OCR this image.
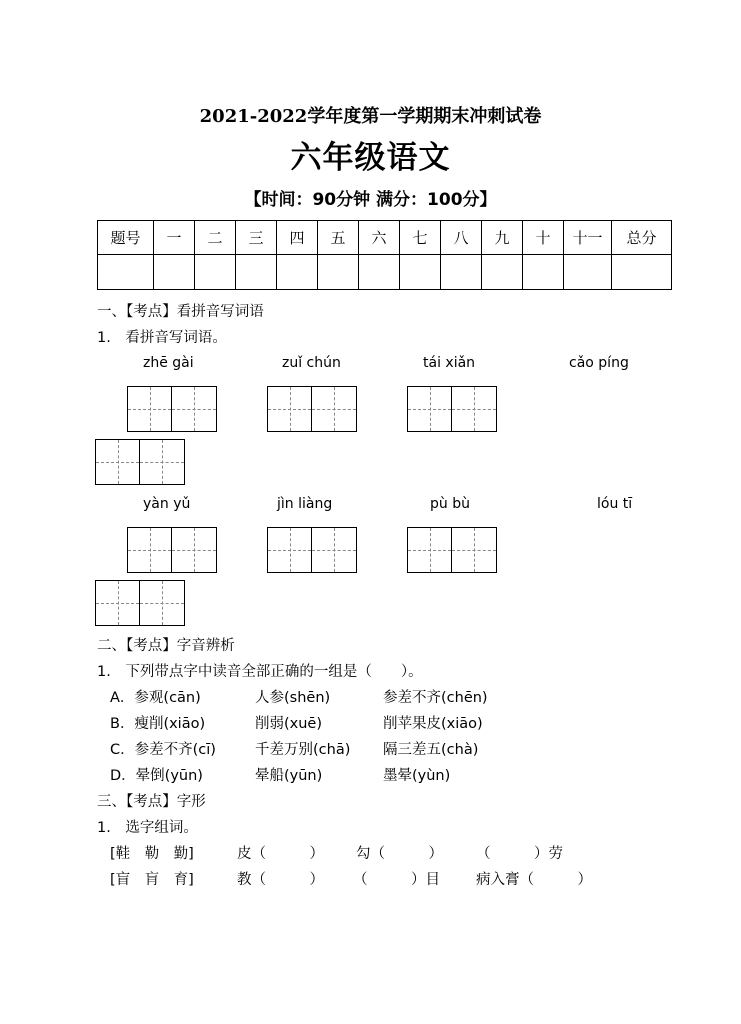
2021-2022学年度第一学期期末冲刺试卷
六年级语文
【时间：90分钟 满分：100分】
题号	一	二	三	四	五	六	七	八	九	十	十一	总分

一、【考点】看拼音写词语
1.　看拼音写词语。
zhē gài	zuǐ chún	tái xiǎn	cǎo píng
yàn yǔ	jìn liàng	pù bù	lóu tī
二、【考点】字音辨析
1.　下列带点字中读音全部正确的一组是（　　）。
A．参观(cān)	人参(shēn)	参差不齐(chēn)
B．瘦削(xiāo)	削弱(xuē)	削苹果皮(xiāo)
C．参差不齐(cī)	千差万别(chā) 隔三差五(chà)
D．晕倒(yūn)	晕船(yūn)	墨晕(yùn)
三、【考点】字形
1.　选字组词。
[鞋　勒　勤]	皮（　　　） 勾（　　　） （　　　）劳
[盲　肓　育]	教（　　　） （　　　）目 病入膏（　　　）
